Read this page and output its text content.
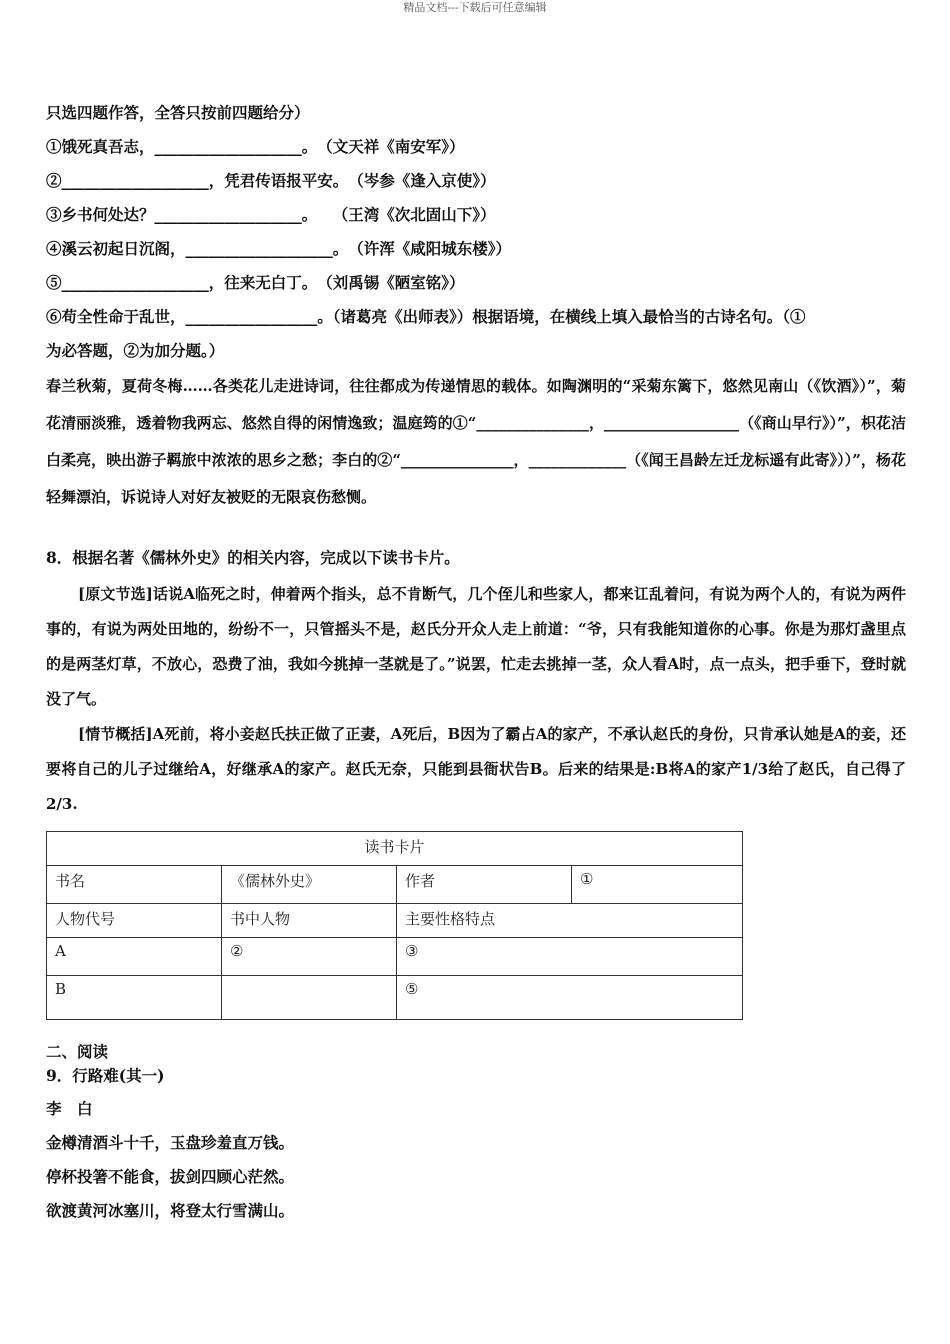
精品文档---下载后可任意编辑
只选四题作答，全答只按前四题给分）
①饿死真吾志，___________________。　（文天祥《南安军》）
②___________________，凭君传语报平安。　（岑参《逢入京使》）
③乡书何处达？___________________。　　（王湾《次北固山下》）
④溪云初起日沉阁，___________________。　（许浑《咸阳城东楼》）
⑤___________________，往来无白丁。　（刘禹锡《陋室铭》）
⑥苟全性命于乱世，_________________。（诸葛亮《出师表》）根据语境，在横线上填入最恰当的古诗名句。（①
为必答题，②为加分题。）
春兰秋菊，夏荷冬梅……各类花儿走进诗词，往往都成为传递情思的载体。如陶渊明的“采菊东篱下，悠然见南山（《饮酒》）”，菊花清丽淡雅，透着物我两忘、悠然自得的闲情逸致；温庭筠的①“_______________，__________________（《商山早行》）”，枳花洁白柔亮，映出游子羁旅中浓浓的思乡之愁；李白的②“_______________，_____________（《闻王昌龄左迁龙标遥有此寄》））”，杨花轻舞漂泊，诉说诗人对好友被贬的无限哀伤愁恻。
8．根据名著《儒林外史》的相关内容，完成以下读书卡片。
[原文节选]话说A临死之时，伸着两个指头，总不肯断气，几个侄儿和些家人，都来讧乱着问，有说为两个人的，有说为两件事的，有说为两处田地的，纷纷不一，只管摇头不是，赵氏分开众人走上前道：“爷，只有我能知道你的心事。你是为那灯盏里点的是两茎灯草，不放心，恐费了油，我如今挑掉一茎就是了。”说罢，忙走去挑掉一茎，众人看A时，点一点头，把手垂下，登时就没了气。
[情节概括]A死前，将小妾赵氏扶正做了正妻，A死后，B因为了霸占A的家产，不承认赵氏的身份，只肯承认她是A的妾，还要将自己的儿子过继给A，好继承A的家产。赵氏无奈，只能到县衙状告B。后来的结果是:B将A的家产1/3给了赵氏，自己得了2/3.
读书卡片			
书名	《儒林外史》	作者	①
人物代号	书中人物	主要性格特点	
A	②	③	
B		⑤	
二、阅读
9．行路难(其一)
李　白
金樽清酒斗十千，玉盘珍羞直万钱。
停杯投箸不能食，拔剑四顾心茫然。
欲渡黄河冰塞川，将登太行雪满山。
